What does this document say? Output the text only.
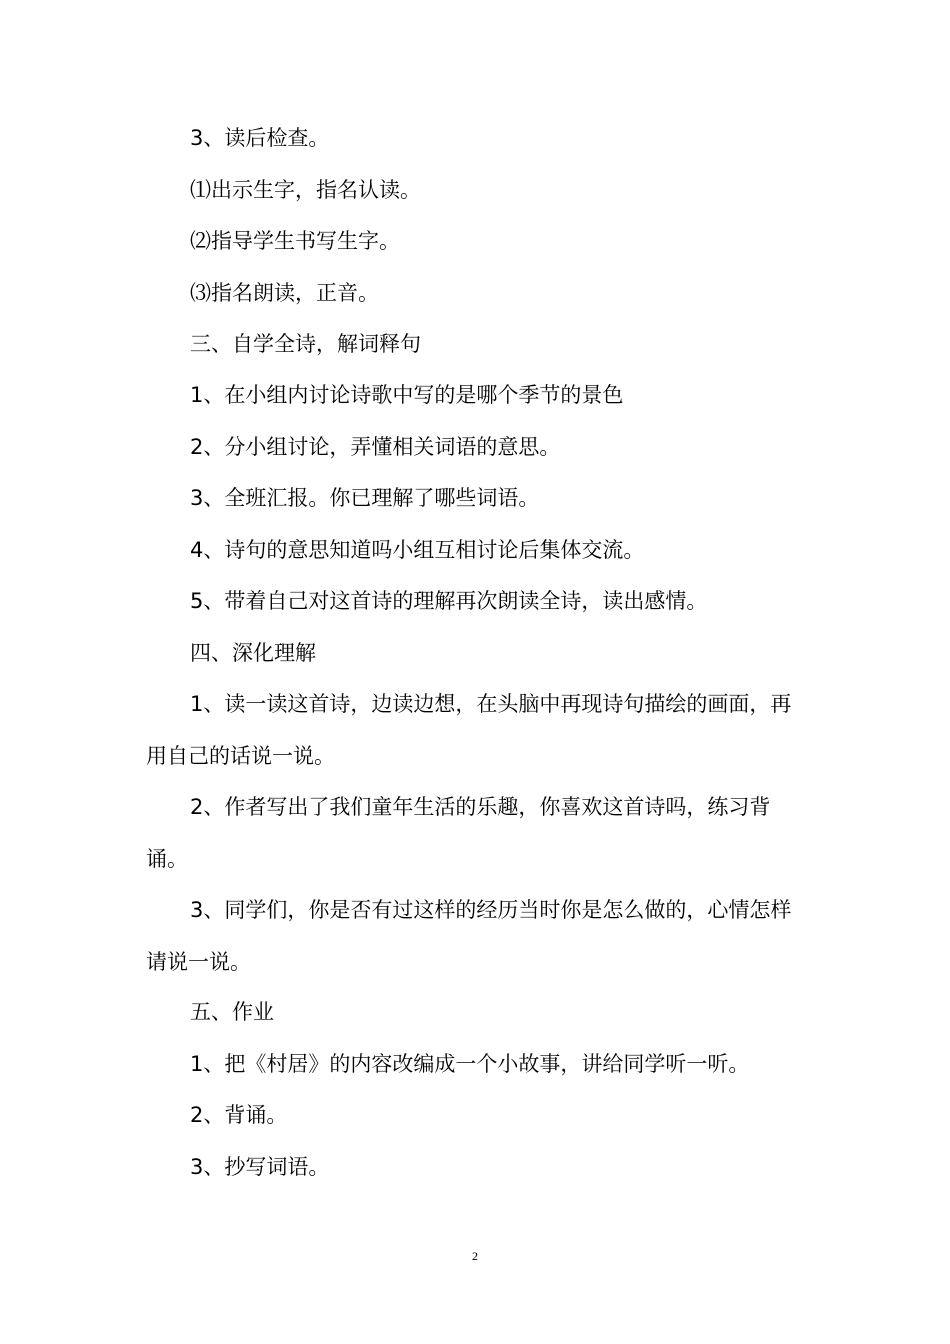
3、读后检查。

⑴出示生字，指名认读。

⑵指导学生书写生字。

⑶指名朗读，正音。

三、自学全诗，解词释句

1、在小组内讨论诗歌中写的是哪个季节的景色

2、分小组讨论，弄懂相关词语的意思。

3、全班汇报。你已理解了哪些词语。

4、诗句的意思知道吗小组互相讨论后集体交流。

5、带着自己对这首诗的理解再次朗读全诗，读出感情。

四、深化理解

1、读一读这首诗，边读边想，在头脑中再现诗句描绘的画面，再用自己的话说一说。

2、作者写出了我们童年生活的乐趣，你喜欢这首诗吗，练习背诵。

3、同学们，你是否有过这样的经历当时你是怎么做的，心情怎样请说一说。

五、作业

1、把《村居》的内容改编成一个小故事，讲给同学听一听。

2、背诵。

3、抄写词语。

2
